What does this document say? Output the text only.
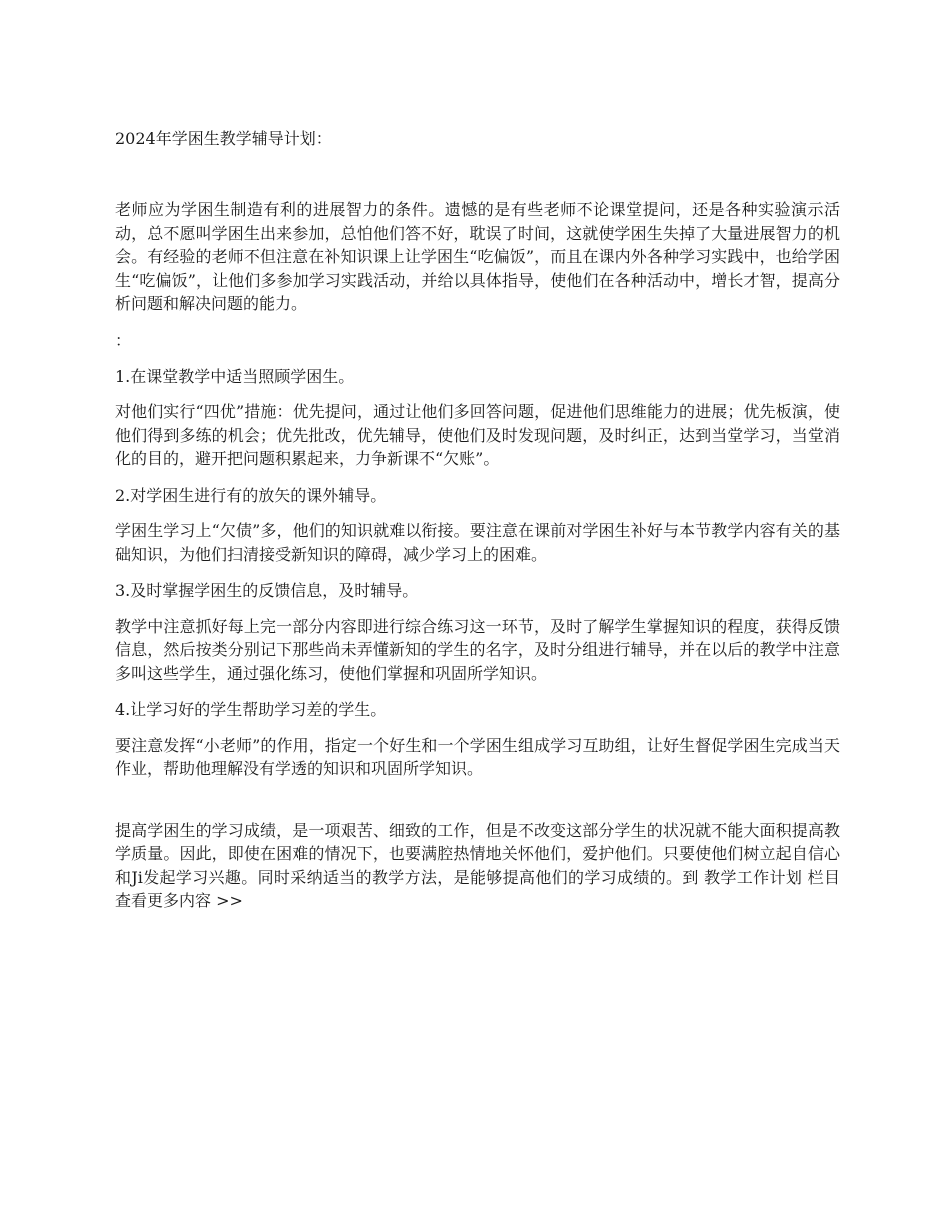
2024年学困生教学辅导计划：

老师应为学困生制造有利的进展智力的条件。遗憾的是有些老师不论课堂提问，还是各种实验演示活动，总不愿叫学困生出来参加，总怕他们答不好，耽误了时间，这就使学困生失掉了大量进展智力的机会。有经验的老师不但注意在补知识课上让学困生“吃偏饭”，而且在课内外各种学习实践中，也给学困生“吃偏饭”，让他们多参加学习实践活动，并给以具体指导，使他们在各种活动中，增长才智，提高分析问题和解决问题的能力。

：

1.在课堂教学中适当照顾学困生。

对他们实行“四优”措施：优先提问，通过让他们多回答问题，促进他们思维能力的进展；优先板演，使他们得到多练的机会；优先批改，优先辅导，使他们及时发现问题，及时纠正，达到当堂学习，当堂消化的目的，避开把问题积累起来，力争新课不“欠账”。

2.对学困生进行有的放矢的课外辅导。

学困生学习上“欠债”多，他们的知识就难以衔接。要注意在课前对学困生补好与本节教学内容有关的基础知识，为他们扫清接受新知识的障碍，减少学习上的困难。

3.及时掌握学困生的反馈信息，及时辅导。

教学中注意抓好每上完一部分内容即进行综合练习这一环节，及时了解学生掌握知识的程度，获得反馈信息，然后按类分别记下那些尚未弄懂新知的学生的名字，及时分组进行辅导，并在以后的教学中注意多叫这些学生，通过强化练习，使他们掌握和巩固所学知识。

4.让学习好的学生帮助学习差的学生。

要注意发挥“小老师”的作用，指定一个好生和一个学困生组成学习互助组，让好生督促学困生完成当天作业，帮助他理解没有学透的知识和巩固所学知识。

提高学困生的学习成绩，是一项艰苦、细致的工作，但是不改变这部分学生的状况就不能大面积提高教学质量。因此，即使在困难的情况下，也要满腔热情地关怀他们，爱护他们。只要使他们树立起自信心和Ji发起学习兴趣。同时采纳适当的教学方法，是能够提高他们的学习成绩的。到 教学工作计划 栏目查看更多内容 >>
